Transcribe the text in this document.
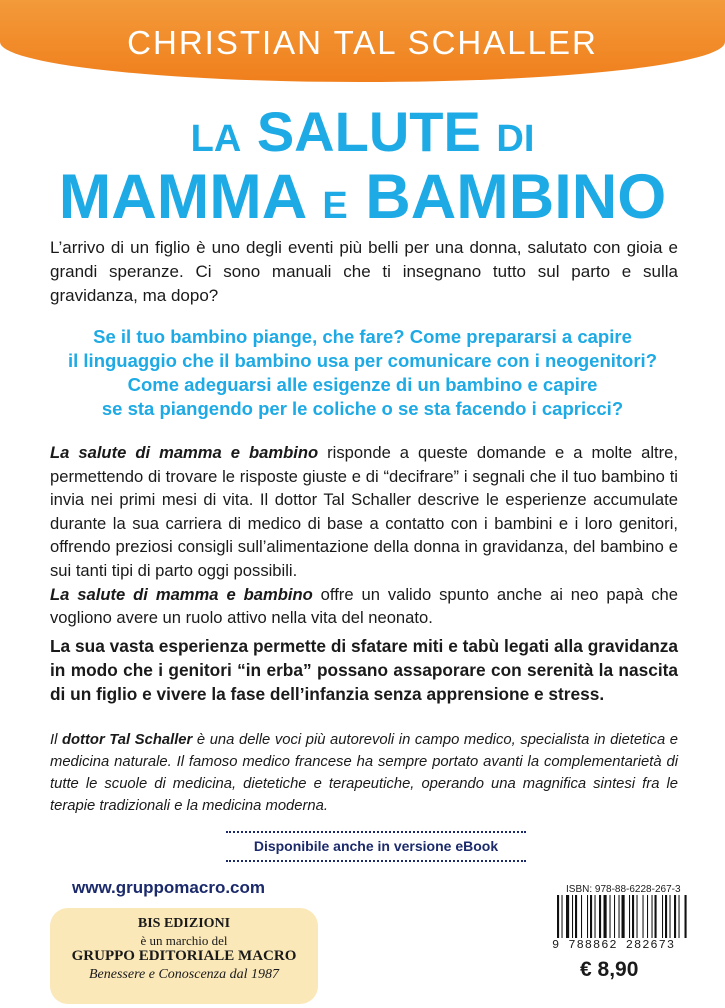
CHRISTIAN TAL SCHALLER
LA SALUTE DI
MAMMA E BAMBINO
L’arrivo di un figlio è uno degli eventi più belli per una donna, salutato con gioia e grandi speranze. Ci sono manuali che ti insegnano tutto sul parto e sulla gravidanza, ma dopo?
Se il tuo bambino piange, che fare? Come prepararsi a capire
il linguaggio che il bambino usa per comunicare con i neogenitori?
Come adeguarsi alle esigenze di un bambino e capire
se sta piangendo per le coliche o se sta facendo i capricci?
La salute di mamma e bambino risponde a queste domande e a molte altre, permettendo di trovare le risposte giuste e di “decifrare” i segnali che il tuo bambino ti invia nei primi mesi di vita. Il dottor Tal Schaller descrive le esperienze accumulate durante la sua carriera di medico di base a contatto con i bambini e i loro genitori, offrendo preziosi consigli sull’alimentazione della donna in gravidanza, del bambino e sui tanti tipi di parto oggi possibili.
La salute di mamma e bambino offre un valido spunto anche ai neo papà che vogliono avere un ruolo attivo nella vita del neonato.
La sua vasta esperienza permette di sfatare miti e tabù legati alla gravidanza in modo che i genitori “in erba” possano assaporare con serenità la nascita di un figlio e vivere la fase dell’infanzia senza apprensione e stress.
Il dottor Tal Schaller è una delle voci più autorevoli in campo medico, specialista in dietetica e medicina naturale. Il famoso medico francese ha sempre portato avanti la complementarietà di tutte le scuole di medicina, dietetiche e terapeutiche, operando una magnifica sintesi fra le terapie tradizionali e la medicina moderna.
Disponibile anche in versione eBook
www.gruppomacro.com
BIS EDIZIONI
è un marchio del
GRUPPO EDITORIALE MACRO
Benessere e Conoscenza dal 1987
ISBN: 978-88-6228-267-3
9 788862 282673
€ 8,90
